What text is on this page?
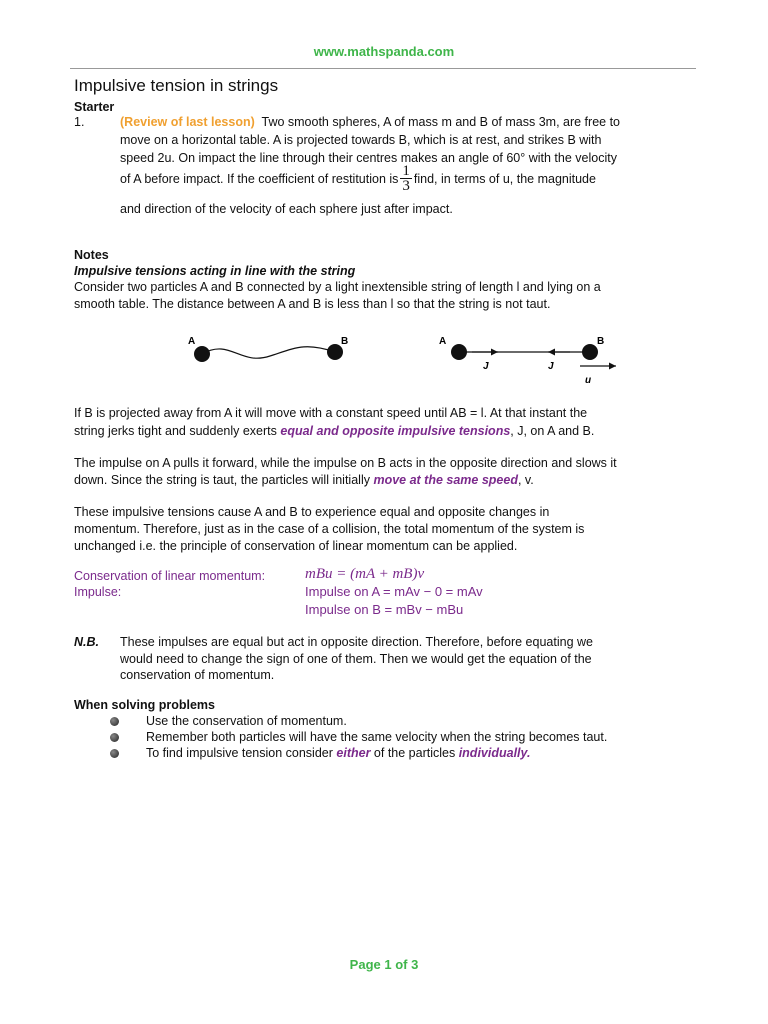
www.mathspanda.com
Impulsive tension in strings
Starter
1.	(Review of last lesson) Two smooth spheres, A of mass m and B of mass 3m, are free to
move on a horizontal table. A is projected towards B, which is at rest, and strikes B with
speed 2u. On impact the line through their centres makes an angle of 60° with the velocity
of A before impact. If the coefficient of restitution is $\frac{1}{3}$ find, in terms of u, the magnitude
and direction of the velocity of each sphere just after impact.
Notes
Impulsive tensions acting in line with the string
Consider two particles A and B connected by a light inextensible string of length l and lying on a
smooth table. The distance between A and B is less than l so that the string is not taut.
A	B	A	B
J	J
u
If B is projected away from A it will move with a constant speed until AB = l. At that instant the
string jerks tight and suddenly exerts equal and opposite impulsive tensions, J, on A and B.
The impulse on A pulls it forward, while the impulse on B acts in the opposite direction and slows it
down. Since the string is taut, the particles will initially move at the same speed, v.
These impulsive tensions cause A and B to experience equal and opposite changes in
momentum. Therefore, just as in the case of a collision, the total momentum of the system is
unchanged i.e. the principle of conservation of linear momentum can be applied.
Conservation of linear momentum:	mBu = (mA + mB)v
Impulse:	Impulse on A = mAv − 0 = mAv
Impulse on B = mBv − mBu
N.B. These impulses are equal but act in opposite direction. Therefore, before equating we
would need to change the sign of one of them. Then we would get the equation of the
conservation of momentum.
When solving problems
Use the conservation of momentum.
Remember both particles will have the same velocity when the string becomes taut.
To find impulsive tension consider either of the particles individually.
Page 1 of 3
